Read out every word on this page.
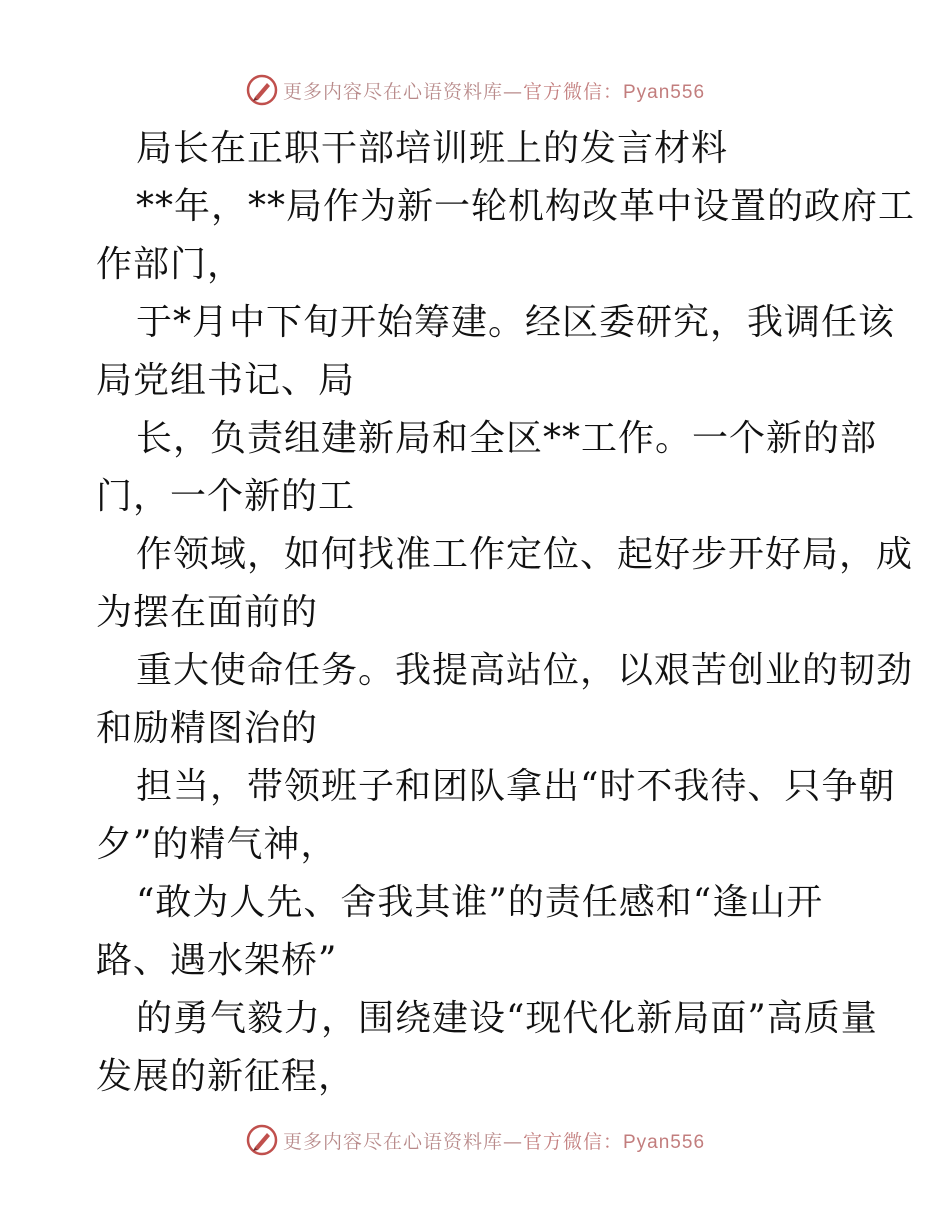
更多内容尽在心语资料库— 官方微信：Pyan556
局长在正职干部培训班上的发言材料
**年，**局作为新一轮机构改革中设置的政府工
作部门，
于*月中下旬开始筹建。经区委研究，我调任该
局党组书记、局
长，负责组建新局和全区**工作。一个新的部
门，一个新的工
作领域，如何找准工作定位、起好步开好局，成
为摆在面前的
重大使命任务。我提高站位，以艰苦创业的韧劲
和励精图治的
担当，带领班子和团队拿出“时不我待、只争朝
夕”的精气神，
“敢为人先、舍我其谁”的责任感和“逢山开
路、遇水架桥”
的勇气毅力，围绕建设“现代化新局面”高质量
发展的新征程，
更多内容尽在心语资料库— 官方微信：Pyan556
